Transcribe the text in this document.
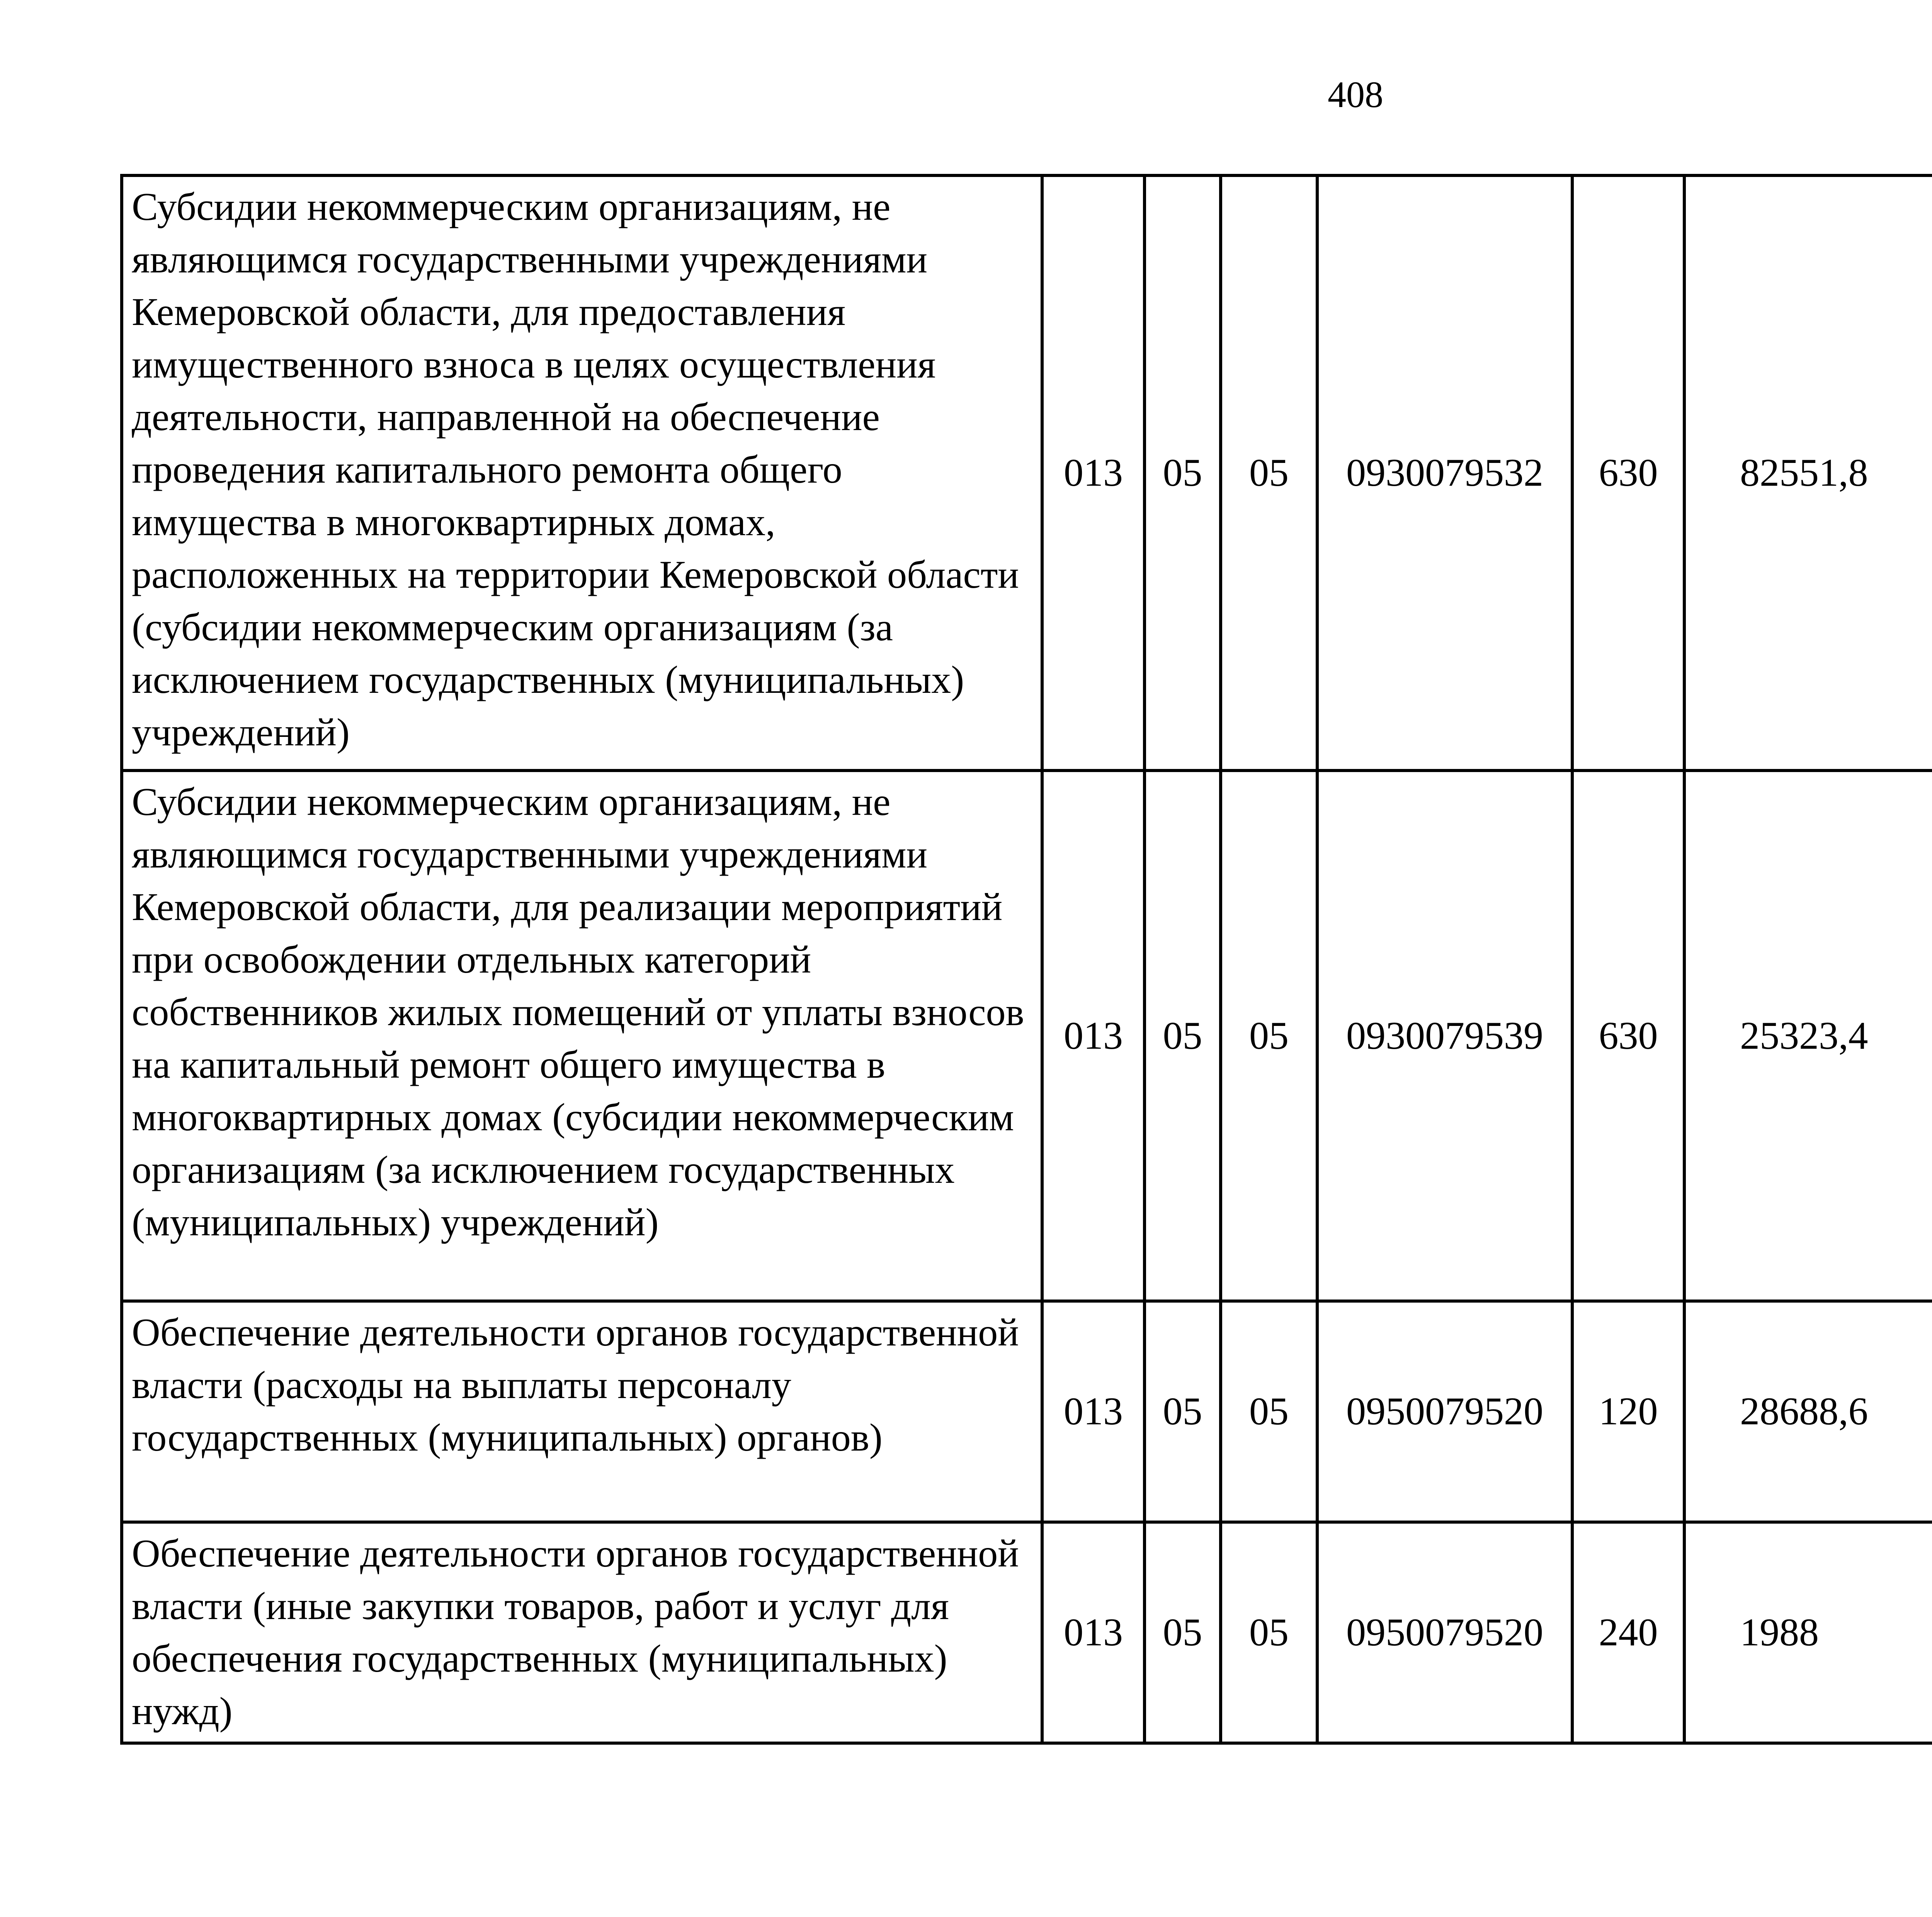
408
Субсидии некоммерческим организациям, не являющимся государственными учреждениями Кемеровской области, для предоставления имущественного взноса в целях осуществления деятельности, направленной на обеспечение проведения капитального ремонта общего имущества в многоквартирных домах, расположенных на территории Кемеровской области (субсидии некоммерческим организациям (за исключением государственных (муниципальных) учреждений)	013	05	05	0930079532	630	82551,8		
Субсидии некоммерческим организациям, не являющимся государственными учреждениями Кемеровской области, для реализации мероприятий при освобождении отдельных категорий собственников жилых помещений от уплаты взносов на капитальный ремонт общего имущества в многоквартирных домах (субсидии некоммерческим организациям (за исключением государственных (муниципальных) учреждений)	013	05	05	0930079539	630	25323,4		
Обеспечение деятельности органов государственной власти (расходы на выплаты персоналу государственных (муниципальных) органов)	013	05	05	0950079520	120	28688,6		
Обеспечение деятельности органов государственной власти (иные закупки товаров, работ и услуг для обеспечения государственных (муниципальных) нужд)	013	05	05	0950079520	240	1988		
